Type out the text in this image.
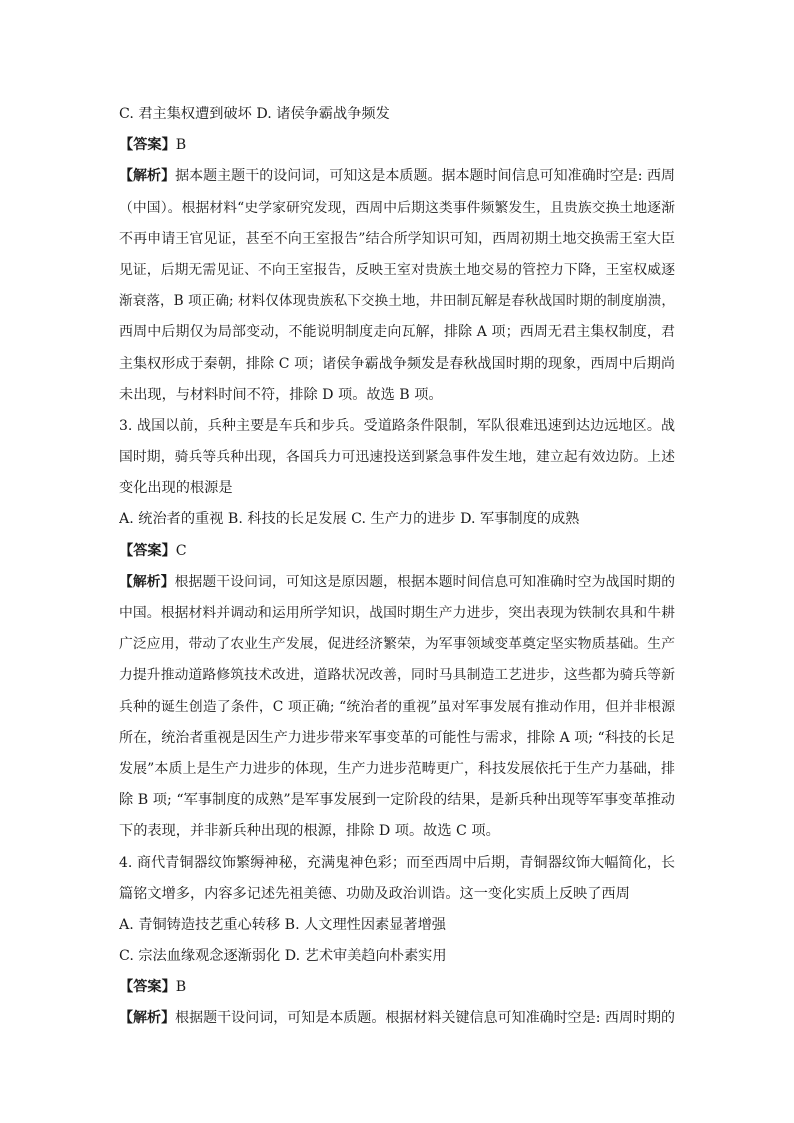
C. 君主集权遭到破坏 D. 诸侯争霸战争频发
【答案】B
【解析】据本题主题干的设问词，可知这是本质题。据本题时间信息可知准确时空是: 西周
（中国）。根据材料“史学家研究发现，西周中后期这类事件频繁发生，且贵族交换土地逐渐
不再申请王官见证，甚至不向王室报告”结合所学知识可知，西周初期土地交换需王室大臣
见证，后期无需见证、不向王室报告，反映王室对贵族土地交易的管控力下降，王室权威逐
渐衰落，B 项正确; 材料仅体现贵族私下交换土地，井田制瓦解是春秋战国时期的制度崩溃，
西周中后期仅为局部变动，不能说明制度走向瓦解，排除 A 项；西周无君主集权制度，君
主集权形成于秦朝，排除 C 项；诸侯争霸战争频发是春秋战国时期的现象，西周中后期尚
未出现，与材料时间不符，排除 D 项。故选 B 项。
3. 战国以前，兵种主要是车兵和步兵。受道路条件限制，军队很难迅速到达边远地区。战
国时期，骑兵等兵种出现，各国兵力可迅速投送到紧急事件发生地，建立起有效边防。上述
变化出现的根源是
A. 统治者的重视 B. 科技的长足发展 C. 生产力的进步 D. 军事制度的成熟
【答案】C
【解析】根据题干设问词，可知这是原因题，根据本题时间信息可知准确时空为战国时期的
中国。根据材料并调动和运用所学知识，战国时期生产力进步，突出表现为铁制农具和牛耕
广泛应用，带动了农业生产发展，促进经济繁荣，为军事领域变革奠定坚实物质基础。生产
力提升推动道路修筑技术改进，道路状况改善，同时马具制造工艺进步，这些都为骑兵等新
兵种的诞生创造了条件，C 项正确; “统治者的重视”虽对军事发展有推动作用，但并非根源
所在，统治者重视是因生产力进步带来军事变革的可能性与需求，排除 A 项; “科技的长足
发展”本质上是生产力进步的体现，生产力进步范畴更广，科技发展依托于生产力基础，排
除 B 项; “军事制度的成熟”是军事发展到一定阶段的结果，是新兵种出现等军事变革推动
下的表现，并非新兵种出现的根源，排除 D 项。故选 C 项。
4. 商代青铜器纹饰繁缛神秘，充满鬼神色彩；而至西周中后期，青铜器纹饰大幅简化，长
篇铭文增多，内容多记述先祖美德、功勋及政治训诰。这一变化实质上反映了西周
A. 青铜铸造技艺重心转移 B. 人文理性因素显著增强
C. 宗法血缘观念逐渐弱化 D. 艺术审美趋向朴素实用
【答案】B
【解析】根据题干设问词，可知是本质题。根据材料关键信息可知准确时空是: 西周时期的
